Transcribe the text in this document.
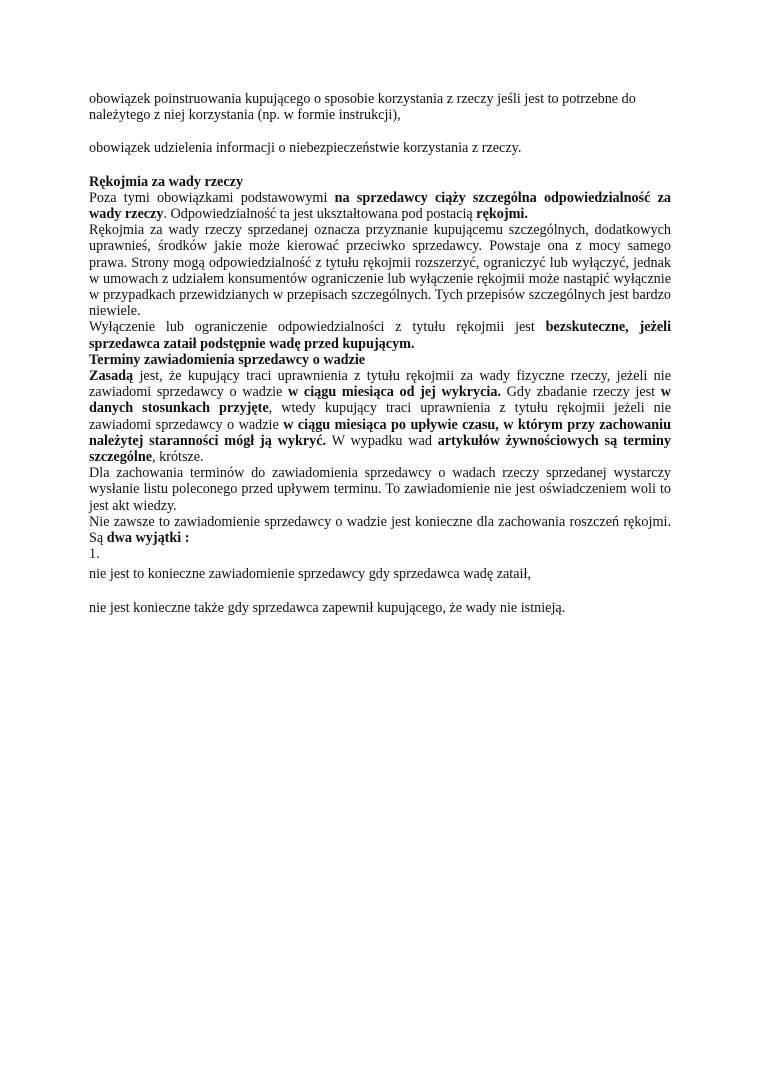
obowiązek poinstruowania kupującego o sposobie korzystania z rzeczy jeśli jest to potrzebne do należytego z niej korzystania (np. w formie instrukcji),

obowiązek udzielenia informacji o niebezpieczeństwie korzystania z rzeczy.

Rękojmia za wady rzeczy

Poza tymi obowiązkami podstawowymi na sprzedawcy ciąży szczególna odpowiedzialność za wady rzeczy. Odpowiedzialność ta jest ukształtowana pod postacią rękojmi.

Rękojmia za wady rzeczy sprzedanej oznacza przyznanie kupującemu szczególnych, dodatkowych uprawnieś, środków jakie może kierować przeciwko sprzedawcy. Powstaje ona z mocy samego prawa. Strony mogą odpowiedzialność z tytułu rękojmii rozszerzyć, ograniczyć lub wyłączyć, jednak w umowach z udziałem konsumentów ograniczenie lub wyłączenie rękojmii może nastąpić wyłącznie w przypadkach przewidzianych w przepisach szczególnych. Tych przepisów szczególnych jest bardzo niewiele.

Wyłączenie lub ograniczenie odpowiedzialności z tytułu rękojmii jest bezskuteczne, jeżeli sprzedawca zataił podstępnie wadę przed kupującym.

Terminy zawiadomienia sprzedawcy o wadzie

Zasadą jest, że kupujący traci uprawnienia z tytułu rękojmii za wady fizyczne rzeczy, jeżeli nie zawiadomi sprzedawcy o wadzie w ciągu miesiąca od jej wykrycia. Gdy zbadanie rzeczy jest w danych stosunkach przyjęte, wtedy kupujący traci uprawnienia z tytułu rękojmii jeżeli nie zawiadomi sprzedawcy o wadzie w ciągu miesiąca po upływie czasu, w którym przy zachowaniu należytej staranności mógł ją wykryć. W wypadku wad artykułów żywnościowych są terminy szczególne, krótsze.

Dla zachowania terminów do zawiadomienia sprzedawcy o wadach rzeczy sprzedanej wystarczy wysłanie listu poleconego przed upływem terminu. To zawiadomienie nie jest oświadczeniem woli to jest akt wiedzy.

Nie zawsze to zawiadomienie sprzedawcy o wadzie jest konieczne dla zachowania roszczeń rękojmi. Są dwa wyjątki :

1.

nie jest to konieczne zawiadomienie sprzedawcy gdy sprzedawca wadę zataił,

nie jest konieczne także gdy sprzedawca zapewnił kupującego, że wady nie istnieją.
